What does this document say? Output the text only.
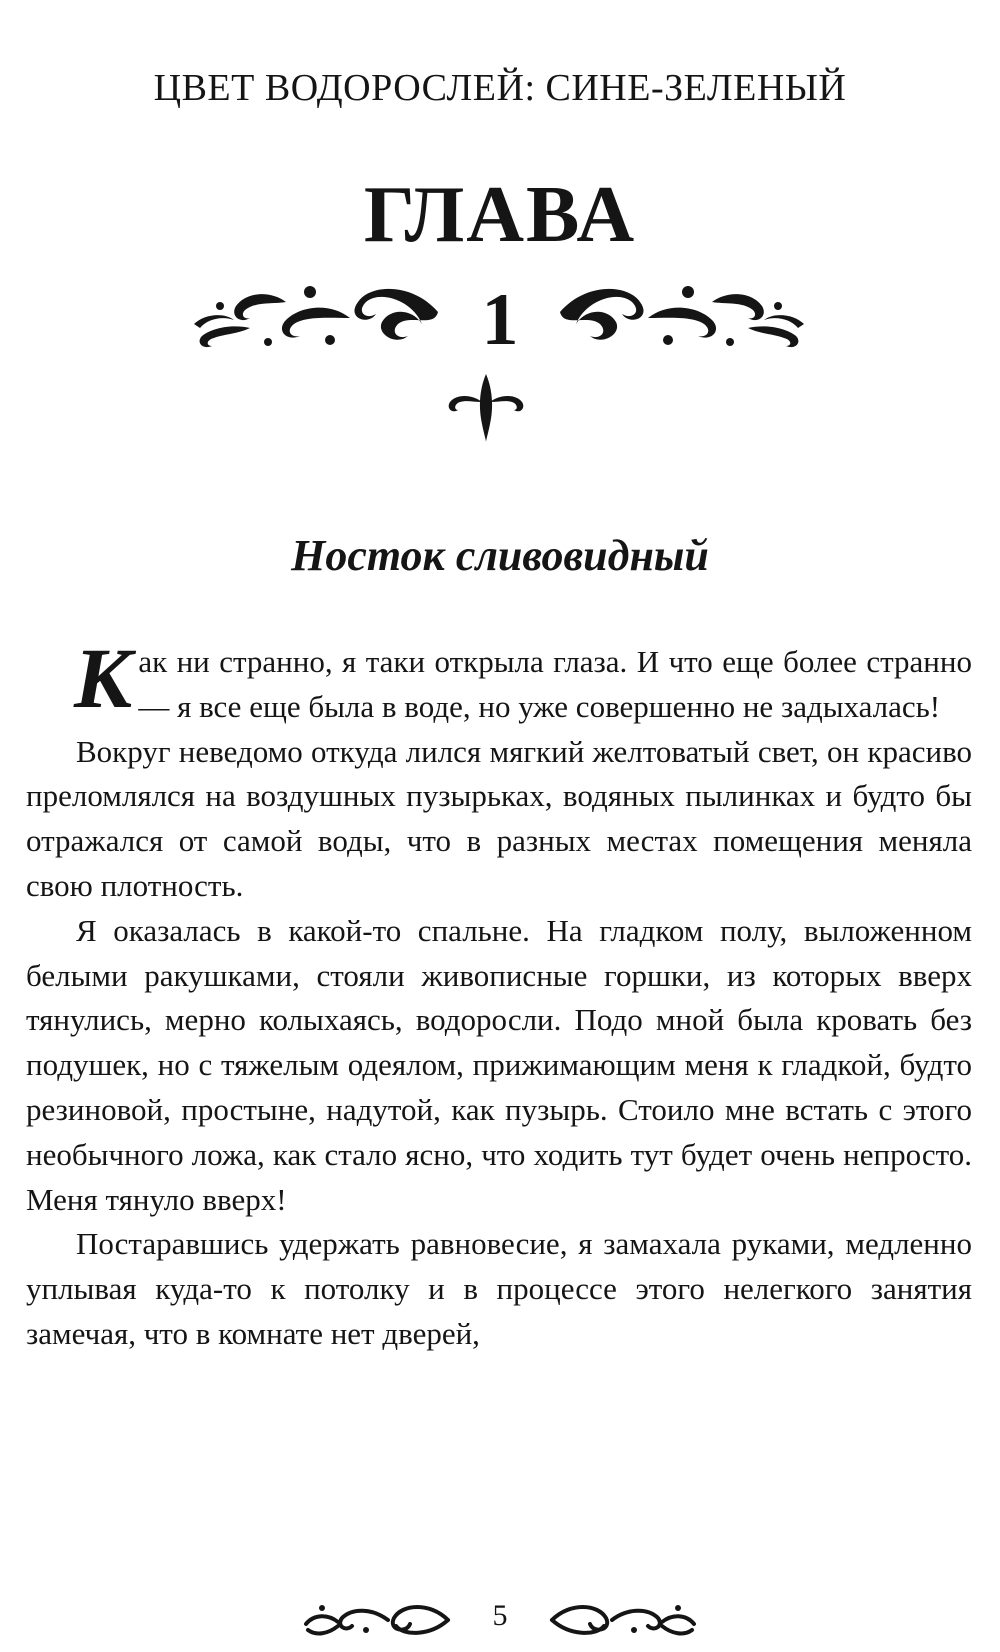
ЦВЕТ ВОДОРОСЛЕЙ: СИНЕ-ЗЕЛЕНЫЙ
ГЛАВА
1
Носток сливовидный

Как ни странно, я таки открыла глаза. И что еще более странно — я все еще была в воде, но уже совершенно не задыхалась!

Вокруг неведомо откуда лился мягкий желтоватый свет, он красиво преломлялся на воздушных пузырьках, водяных пылинках и будто бы отражался от самой воды, что в разных местах помещения меняла свою плотность.

Я оказалась в какой-то спальне. На гладком полу, выложенном белыми ракушками, стояли живописные горшки, из которых вверх тянулись, мерно колыхаясь, водоросли. Подо мной была кровать без подушек, но с тяжелым одеялом, прижимающим меня к гладкой, будто резиновой, простыне, надутой, как пузырь. Стоило мне встать с этого необычного ложа, как стало ясно, что ходить тут будет очень непросто. Меня тянуло вверх!

Постаравшись удержать равновесие, я замахала руками, медленно уплывая куда-то к потолку и в процессе этого нелегкого занятия замечая, что в комнате нет дверей,

5
